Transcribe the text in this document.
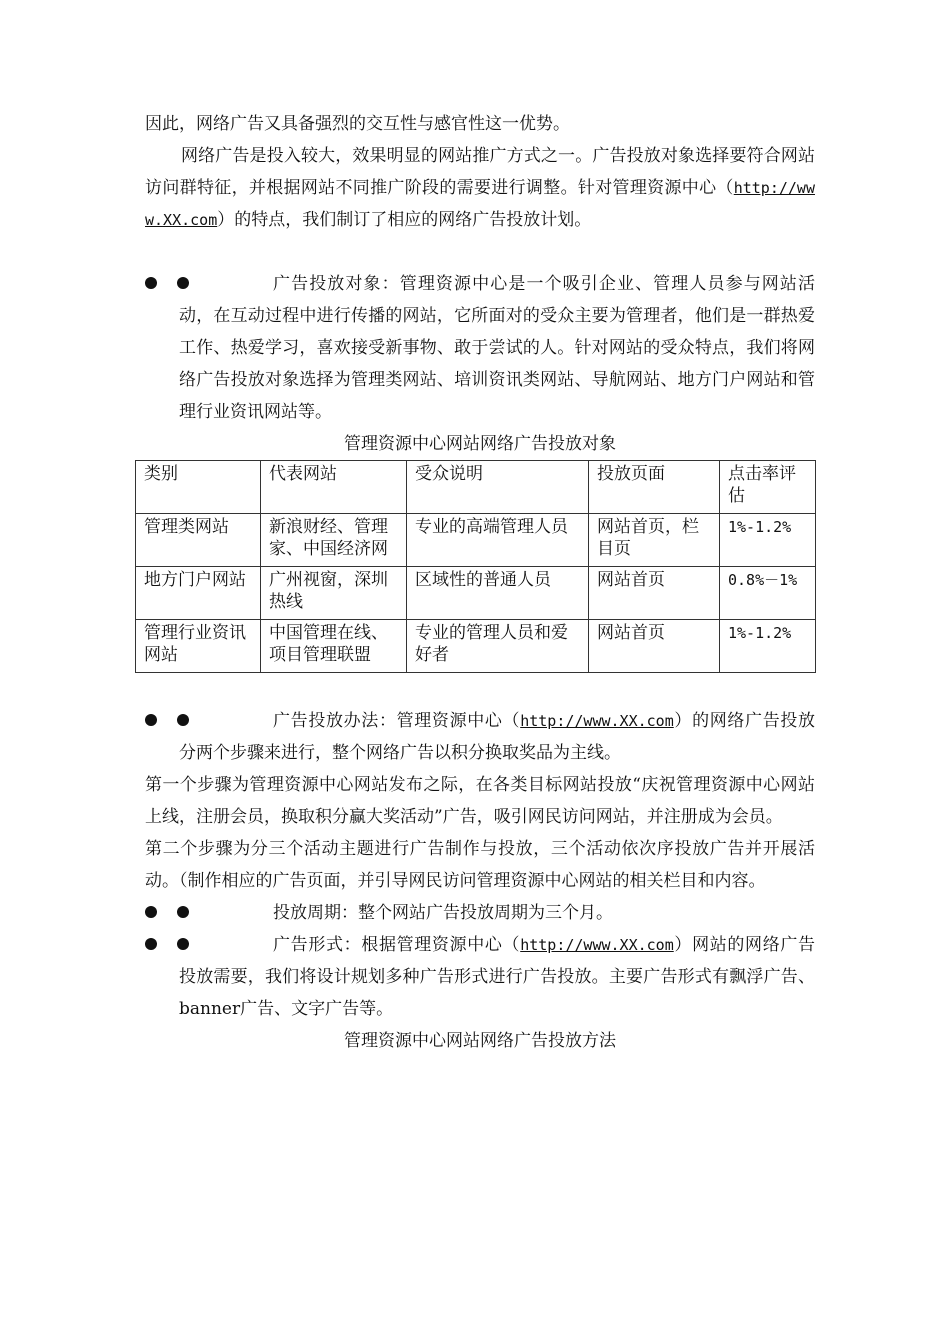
因此，网络广告又具备强烈的交互性与感官性这一优势。

网络广告是投入较大，效果明显的网站推广方式之一。广告投放对象选择要符合网站访问群特征，并根据网站不同推广阶段的需要进行调整。针对管理资源中心（http://www.XX.com）的特点，我们制订了相应的网络广告投放计划。

广告投放对象：管理资源中心是一个吸引企业、管理人员参与网站活动，在互动过程中进行传播的网站，它所面对的受众主要为管理者，他们是一群热爱工作、热爱学习，喜欢接受新事物、敢于尝试的人。针对网站的受众特点，我们将网络广告投放对象选择为管理类网站、培训资讯类网站、导航网站、地方门户网站和管理行业资讯网站等。

管理资源中心网站网络广告投放对象

类别	代表网站	受众说明	投放页面	点击率评估
管理类网站	新浪财经、管理家、中国经济网	专业的高端管理人员	网站首页，栏目页	1%-1.2%
地方门户网站	广州视窗，深圳热线	区域性的普通人员	网站首页	0.8%－1%
管理行业资讯网站	中国管理在线、项目管理联盟	专业的管理人员和爱好者	网站首页	1%-1.2%

广告投放办法：管理资源中心（http://www.XX.com）的网络广告投放分两个步骤来进行，整个网络广告以积分换取奖品为主线。

第一个步骤为管理资源中心网站发布之际，在各类目标网站投放“庆祝管理资源中心网站上线，注册会员，换取积分赢大奖活动”广告，吸引网民访问网站，并注册成为会员。

第二个步骤为分三个活动主题进行广告制作与投放，三个活动依次序投放广告并开展活动。（制作相应的广告页面，并引导网民访问管理资源中心网站的相关栏目和内容。

投放周期：整个网站广告投放周期为三个月。

广告形式：根据管理资源中心（http://www.XX.com）网站的网络广告投放需要，我们将设计规划多种广告形式进行广告投放。主要广告形式有飘浮广告、banner广告、文字广告等。

管理资源中心网站网络广告投放方法
